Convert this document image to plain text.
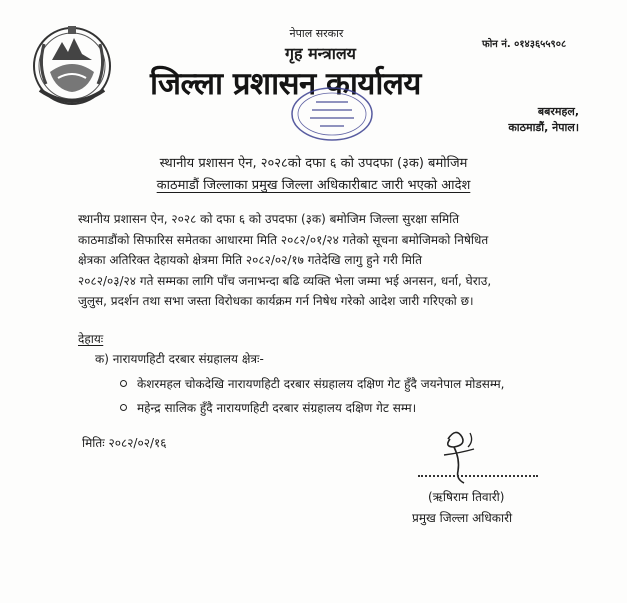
नेपाल सरकार
गृह मन्त्रालय
जिल्ला प्रशासन कार्यालय
फोन नं. ०१४३६५५९०८
बबरमहल,
काठमाडौं, नेपाल।
स्थानीय प्रशासन ऐन, २०२८को दफा ६ को उपदफा (३क) बमोजिम
काठमाडौं जिल्लाका प्रमुख जिल्ला अधिकारीबाट जारी भएको आदेश

स्थानीय प्रशासन ऐन, २०२८ को दफा ६ को उपदफा (३क) बमोजिम जिल्ला सुरक्षा समिति

काठमाडौंको सिफारिस समेतका आधारमा मिति २०८२/०१/२४ गतेको सूचना बमोजिमको निषेधित

क्षेत्रका अतिरिक्त देहायको क्षेत्रमा मिति २०८२/०२/१७ गतेदेखि लागु हुने गरी मिति

२०८२/०३/२४ गते सम्मका लागि पाँच जनाभन्दा बढि व्यक्ति भेला जम्मा भई अनसन, धर्ना, घेराउ,

जुलुस, प्रदर्शन तथा सभा जस्ता विरोधका कार्यक्रम गर्न निषेध गरेको आदेश जारी गरिएको छ।

देहायः
क) नारायणहिटी दरबार संग्रहालय क्षेत्रः-
केशरमहल चोकदेखि नारायणहिटी दरबार संग्रहालय दक्षिण गेट हुँदै जयनेपाल मोडसम्म,
महेन्द्र सालिक हुँदै नारायणहिटी दरबार संग्रहालय दक्षिण गेट सम्म।
मितिः २०८२/०२/१६
(ऋषिराम तिवारी)
प्रमुख जिल्ला अधिकारी
